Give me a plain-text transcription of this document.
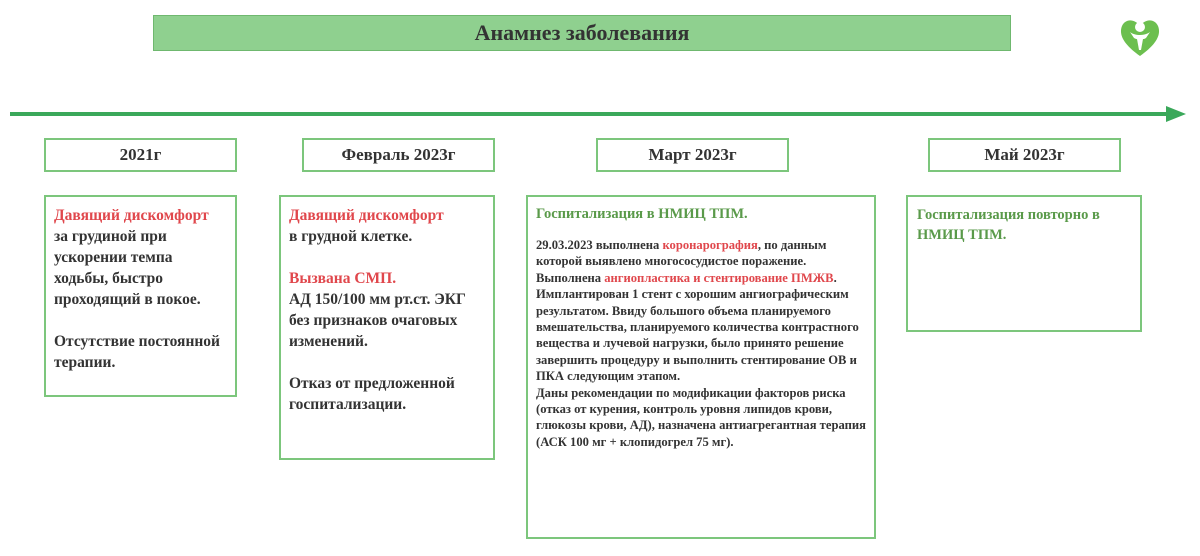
Анамнез заболевания
2021г	Февраль 2023г	Март 2023г	Май 2023г
Давящий дискомфорт
за грудиной при ускорении темпа ходьбы, быстро проходящий в покое.
Отсутствие постоянной терапии.
Давящий дискомфорт
в грудной клетке.
Вызвана СМП.
АД 150/100 мм рт.ст. ЭКГ без признаков очаговых изменений.
Отказ от предложенной госпитализации.
Госпитализация в НМИЦ ТПМ.
29.03.2023 выполнена коронарография, по данным которой выявлено многососудистое поражение.
Выполнена ангиопластика и стентирование ПМЖВ. Имплантирован 1 стент с хорошим ангиографическим результатом. Ввиду большого объема планируемого вмешательства, планируемого количества контрастного вещества и лучевой нагрузки, было принято решение завершить процедуру и выполнить стентирование ОВ и ПКА следующим этапом.
Даны рекомендации по модификации факторов риска (отказ от курения, контроль уровня липидов крови, глюкозы крови, АД), назначена антиагрегантная терапия (АСК 100 мг + клопидогрел 75 мг).
Госпитализация повторно в НМИЦ ТПМ.
